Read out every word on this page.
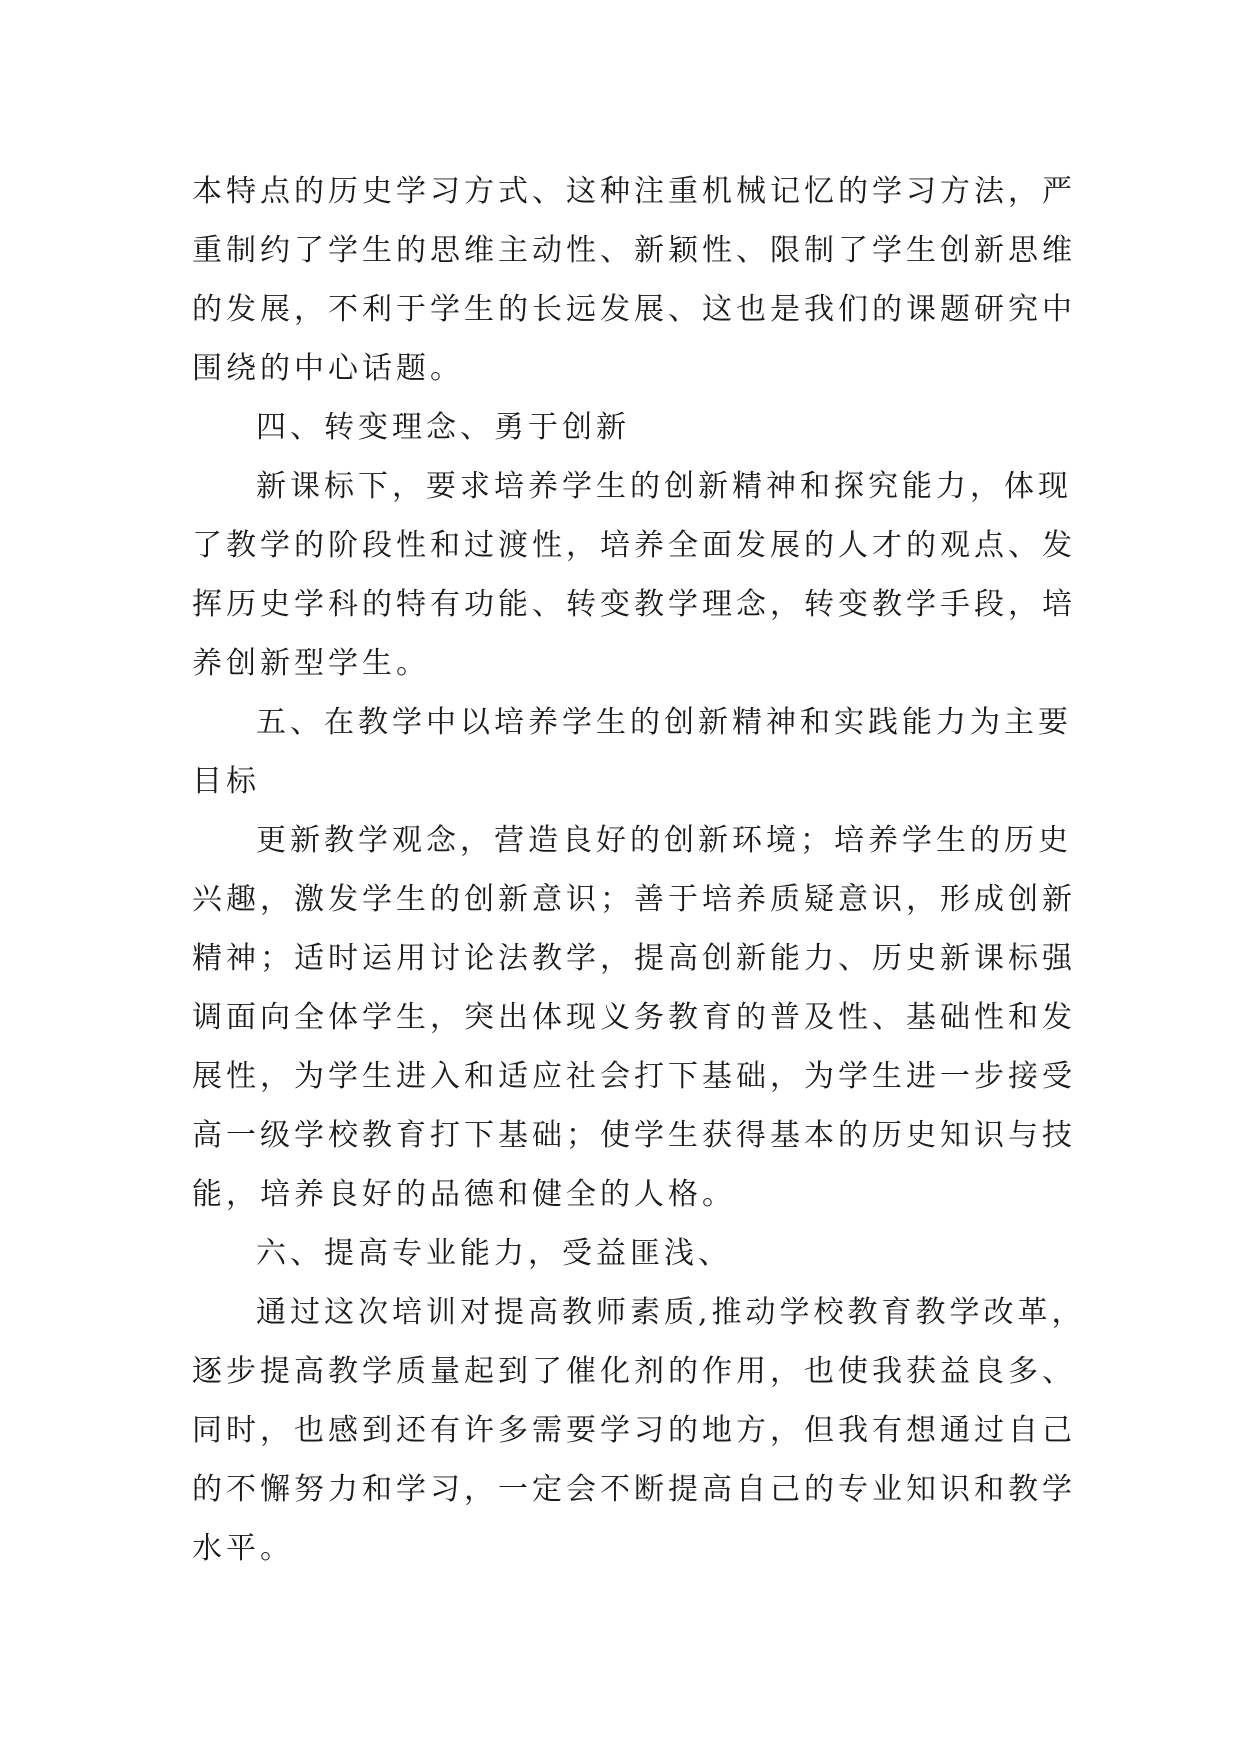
本特点的历史学习方式、这种注重机械记忆的学习方法，严
重制约了学生的思维主动性、新颖性、限制了学生创新思维
的发展，不利于学生的长远发展、这也是我们的课题研究中
围绕的中心话题。
四、转变理念、勇于创新
新课标下，要求培养学生的创新精神和探究能力，体现
了教学的阶段性和过渡性，培养全面发展的人才的观点、发
挥历史学科的特有功能、转变教学理念，转变教学手段，培
养创新型学生。
五、在教学中以培养学生的创新精神和实践能力为主要
目标
更新教学观念，营造良好的创新环境；培养学生的历史
兴趣，激发学生的创新意识；善于培养质疑意识，形成创新
精神；适时运用讨论法教学，提高创新能力、历史新课标强
调面向全体学生，突出体现义务教育的普及性、基础性和发
展性，为学生进入和适应社会打下基础，为学生进一步接受
高一级学校教育打下基础；使学生获得基本的历史知识与技
能，培养良好的品德和健全的人格。
六、提高专业能力，受益匪浅、
通过这次培训对提高教师素质,推动学校教育教学改革，
逐步提高教学质量起到了催化剂的作用，也使我获益良多、
同时，也感到还有许多需要学习的地方，但我有想通过自己
的不懈努力和学习，一定会不断提高自己的专业知识和教学
水平。
